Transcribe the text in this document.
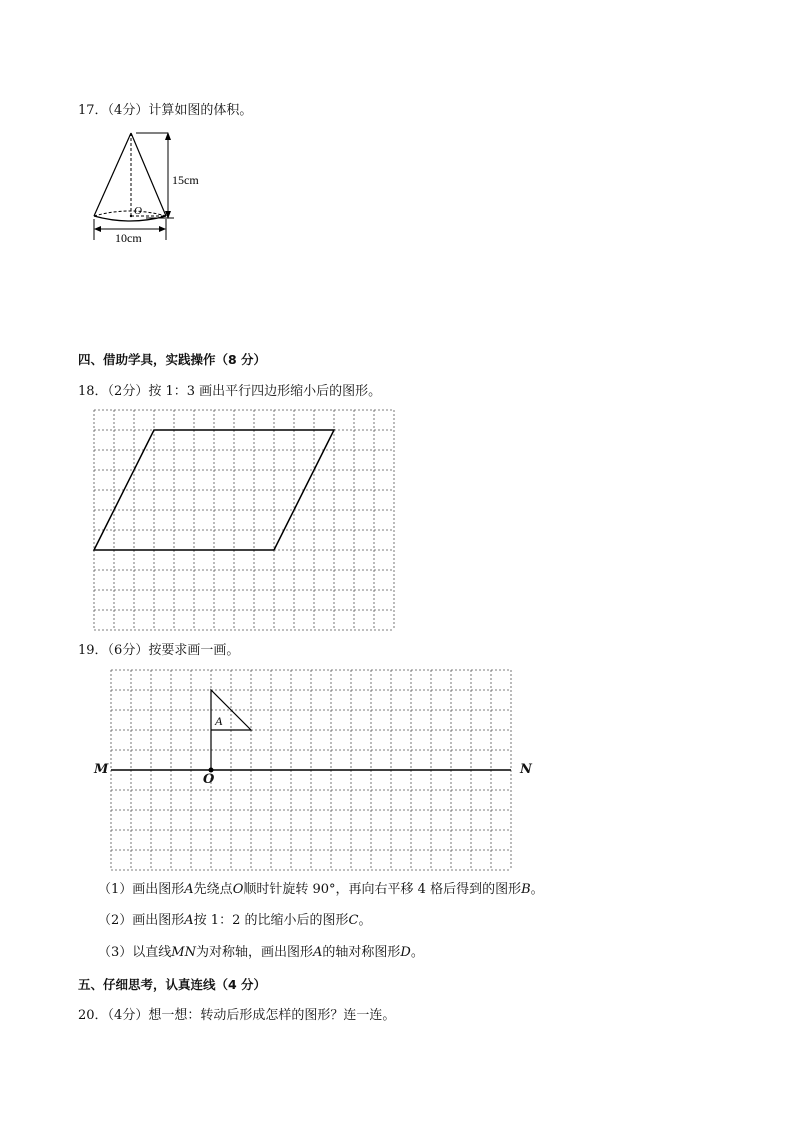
17．（4分）计算如图的体积。
O
15cm
10cm
四、借助学具，实践操作（8 分）
18．（2分）按 1：3 画出平行四边形缩小后的图形。
19．（6分）按要求画一画。
A
M	N
O
（1）画出图形A先绕点O顺时针旋转 90°，再向右平移 4 格后得到的图形B。
（2）画出图形A按 1：2 的比缩小后的图形C。
（3）以直线MN为对称轴，画出图形A的轴对称图形D。
五、仔细思考，认真连线（4 分）
20．（4分）想一想：转动后形成怎样的图形？连一连。
